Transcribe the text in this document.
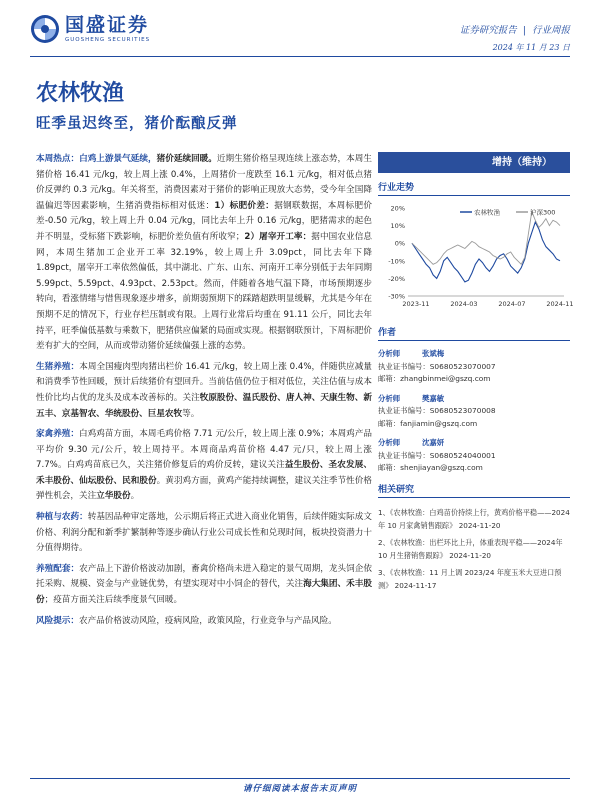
国盛证券
GUOSHENG SECURITIES
证券研究报告 | 行业周报
2024 年 11 月 23 日
农林牧渔
旺季虽迟终至，猪价酝酿反弹

本周热点：白鸡上游景气延续，猪价延续回暖。近期生猪价格呈现连续上涨态势，本周生猪价格 16.41 元/kg，较上周上涨 0.4%，上周猪价一度跌至 16.1 元/kg，相对低点猪价反弹约 0.3 元/kg。年关将至，消费因素对于猪价的影响正现放大态势，受今年全国降温偏迟等因素影响，生猪消费指标相对低迷：1）标肥价差：据钢联数据，本周标肥价差-0.50 元/kg，较上周上升 0.04 元/kg，同比去年上升 0.16 元/kg，肥猪需求的起色并不明显，受标猪下跌影响，标肥价差负值有所收窄；2）屠宰开工率：据中国农业信息网，本周生猪加工企业开工率 32.19%，较上周上升 3.09pct，同比去年下降 1.89pct，屠宰开工率依然偏低，其中湖北、广东、山东、河南开工率分别低于去年同期 5.99pct、5.59pct、4.93pct、2.53pct。然而，伴随着各地气温下降，市场预期逐步转向，看涨情绪与惜售现象逐步增多，前期弱预期下的踩踏超跌明显缓解，尤其是今年在预期不足的情况下，行业存栏压制或有限。上周行业常后均重在 91.11 公斤，同比去年持平，旺季偏低基数与乘数下，肥猪供应偏紧的局面或实现。根据钢联预计，下周标肥价差有扩大的空间，从而或带动猪价延续偏强上涨的态势。

生猪养殖：本周全国瘦肉型肉猪出栏价 16.41 元/kg，较上周上涨 0.4%，伴随供应减量和消费季节性回暖，预计后续猪价有望回升。当前估值仍位于相对低位，关注估值与成本性价比均占优的龙头及成本改善标的。关注牧原股份、温氏股份、唐人神、天康生物、新五丰、京基智农、华统股份、巨星农牧等。

家禽养殖：白鸡鸡苗方面，本周毛鸡价格 7.71 元/公斤，较上周上涨 0.9%；本周鸡产品平均价 9.30 元/公斤，较上周持平。本周商品鸡苗价格 4.47 元/只，较上周上涨 7.7%。白鸡鸡苗底已久，关注猪价修复后的鸡价反转，建议关注益生股份、圣农发展、禾丰股份、仙坛股份、民和股份。黄羽鸡方面，黄鸡产能持续调整，建议关注季节性价格弹性机会，关注立华股份。

种植与农药：转基因品种审定落地，公示期后将正式进入商业化销售，后续伴随实际成文价格、利润分配和新季扩繁制种等逐步确认行业公司成长性和兑现时间，板块投资潜力十分值得期待。

养殖配套：农产品上下游价格波动加剧，畜禽价格尚未进入稳定的景气周期，龙头饲企依托采购、规模、资金与产业链优势，有望实现对中小饲企的替代，关注海大集团、禾丰股份；疫苗方面关注后续季度景气回暖。

风险提示：农产品价格波动风险，疫病风险，政策风险，行业竞争与产品风险。

增持（维持）
行业走势
20%
10%
0%
-10%
-20%
-30%
2023-11	2024-03	2024-07	2024-11
农林牧渔	沪深300
作者
分析师	张斌梅
执业证书编号：S0680523070007
邮箱：zhangbinmei@gszq.com
分析师	樊嘉敏
执业证书编号：S0680523070008
邮箱：fanjiamin@gszq.com
分析师	沈嘉妍
执业证书编号：S0680524040001
邮箱：shenjiayan@gszq.com
相关研究
1、《农林牧渔：白鸡苗价持续上行，黄鸡价格平稳——2024 年 10 月家禽销售跟踪》 2024-11-20
2、《农林牧渔：出栏环比上升，体重表现平稳——2024年 10 月生猪销售跟踪》 2024-11-20
3、《农林牧渔：11 月上调 2023/24 年度玉米大豆进口预测》 2024-11-17
请仔细阅读本报告末页声明
